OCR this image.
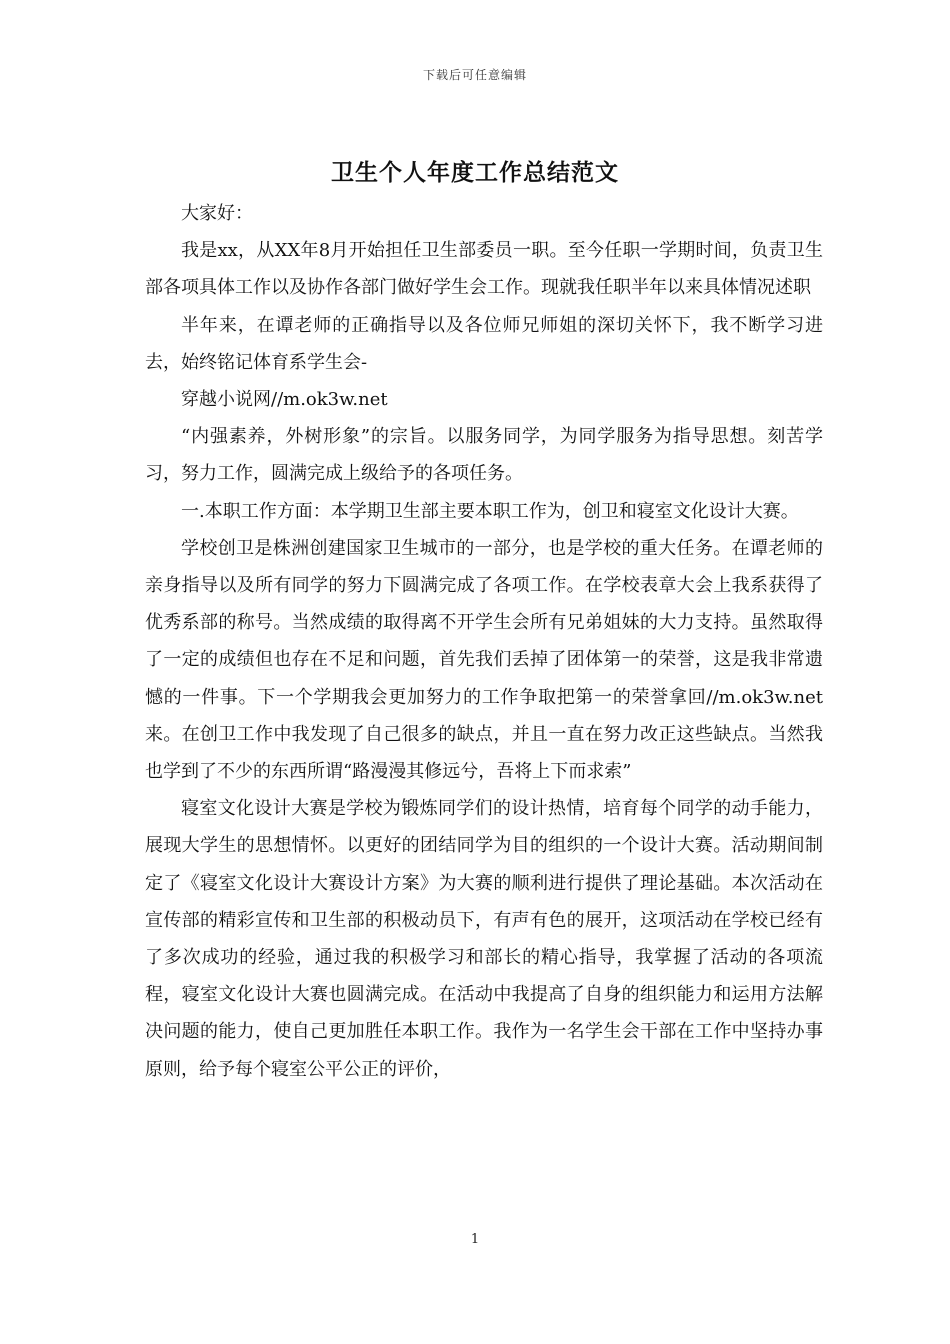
下载后可任意编辑
卫生个人年度工作总结范文

大家好：

我是xx，从XX年8月开始担任卫生部委员一职。至今任职一学期时间，负责卫生部各项具体工作以及协作各部门做好学生会工作。现就我任职半年以来具体情况述职

半年来，在谭老师的正确指导以及各位师兄师姐的深切关怀下，我不断学习进去，始终铭记体育系学生会-

穿越小说网//m.ok3w.net

“内强素养，外树形象”的宗旨。以服务同学，为同学服务为指导思想。刻苦学习，努力工作，圆满完成上级给予的各项任务。

一.本职工作方面：本学期卫生部主要本职工作为，创卫和寝室文化设计大赛。

学校创卫是株洲创建国家卫生城市的一部分，也是学校的重大任务。在谭老师的亲身指导以及所有同学的努力下圆满完成了各项工作。在学校表章大会上我系获得了优秀系部的称号。当然成绩的取得离不开学生会所有兄弟姐妹的大力支持。虽然取得了一定的成绩但也存在不足和问题，首先我们丢掉了团体第一的荣誉，这是我非常遗憾的一件事。下一个学期我会更加努力的工作争取把第一的荣誉拿回//m.ok3w.net来。在创卫工作中我发现了自己很多的缺点，并且一直在努力改正这些缺点。当然我也学到了不少的东西所谓“路漫漫其修远兮，吾将上下而求索”

寝室文化设计大赛是学校为锻炼同学们的设计热情，培育每个同学的动手能力，展现大学生的思想情怀。以更好的团结同学为目的组织的一个设计大赛。活动期间制定了《寝室文化设计大赛设计方案》为大赛的顺利进行提供了理论基础。本次活动在宣传部的精彩宣传和卫生部的积极动员下，有声有色的展开，这项活动在学校已经有了多次成功的经验，通过我的积极学习和部长的精心指导，我掌握了活动的各项流程，寝室文化设计大赛也圆满完成。在活动中我提高了自身的组织能力和运用方法解决问题的能力，使自己更加胜任本职工作。我作为一名学生会干部在工作中坚持办事原则，给予每个寝室公平公正的评价，

1
